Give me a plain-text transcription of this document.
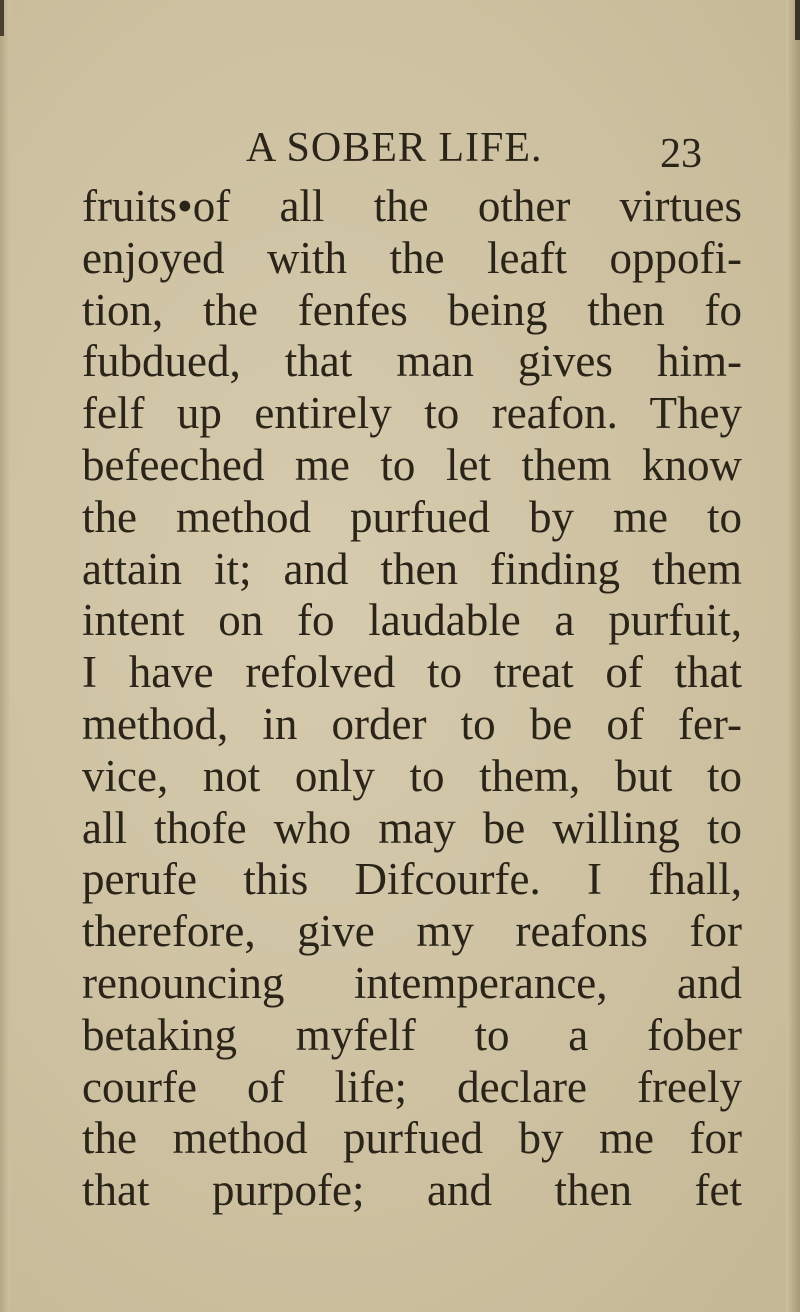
A SOBER LIFE.	23
fruits•of all the other virtues
enjoyed with the leaft oppofi-
tion, the fenfes being then fo
fubdued, that man gives him-
felf up entirely to reafon. They
befeeched me to let them know
the method purfued by me to
attain it; and then finding them
intent on fo laudable a purfuit,
I have refolved to treat of that
method, in order to be of fer-
vice, not only to them, but to
all thofe who may be willing to
perufe this Difcourfe. I fhall,
therefore, give my reafons for
renouncing intemperance, and
betaking myfelf to a fober
courfe of life; declare freely
the method purfued by me for
that purpofe; and then fet
